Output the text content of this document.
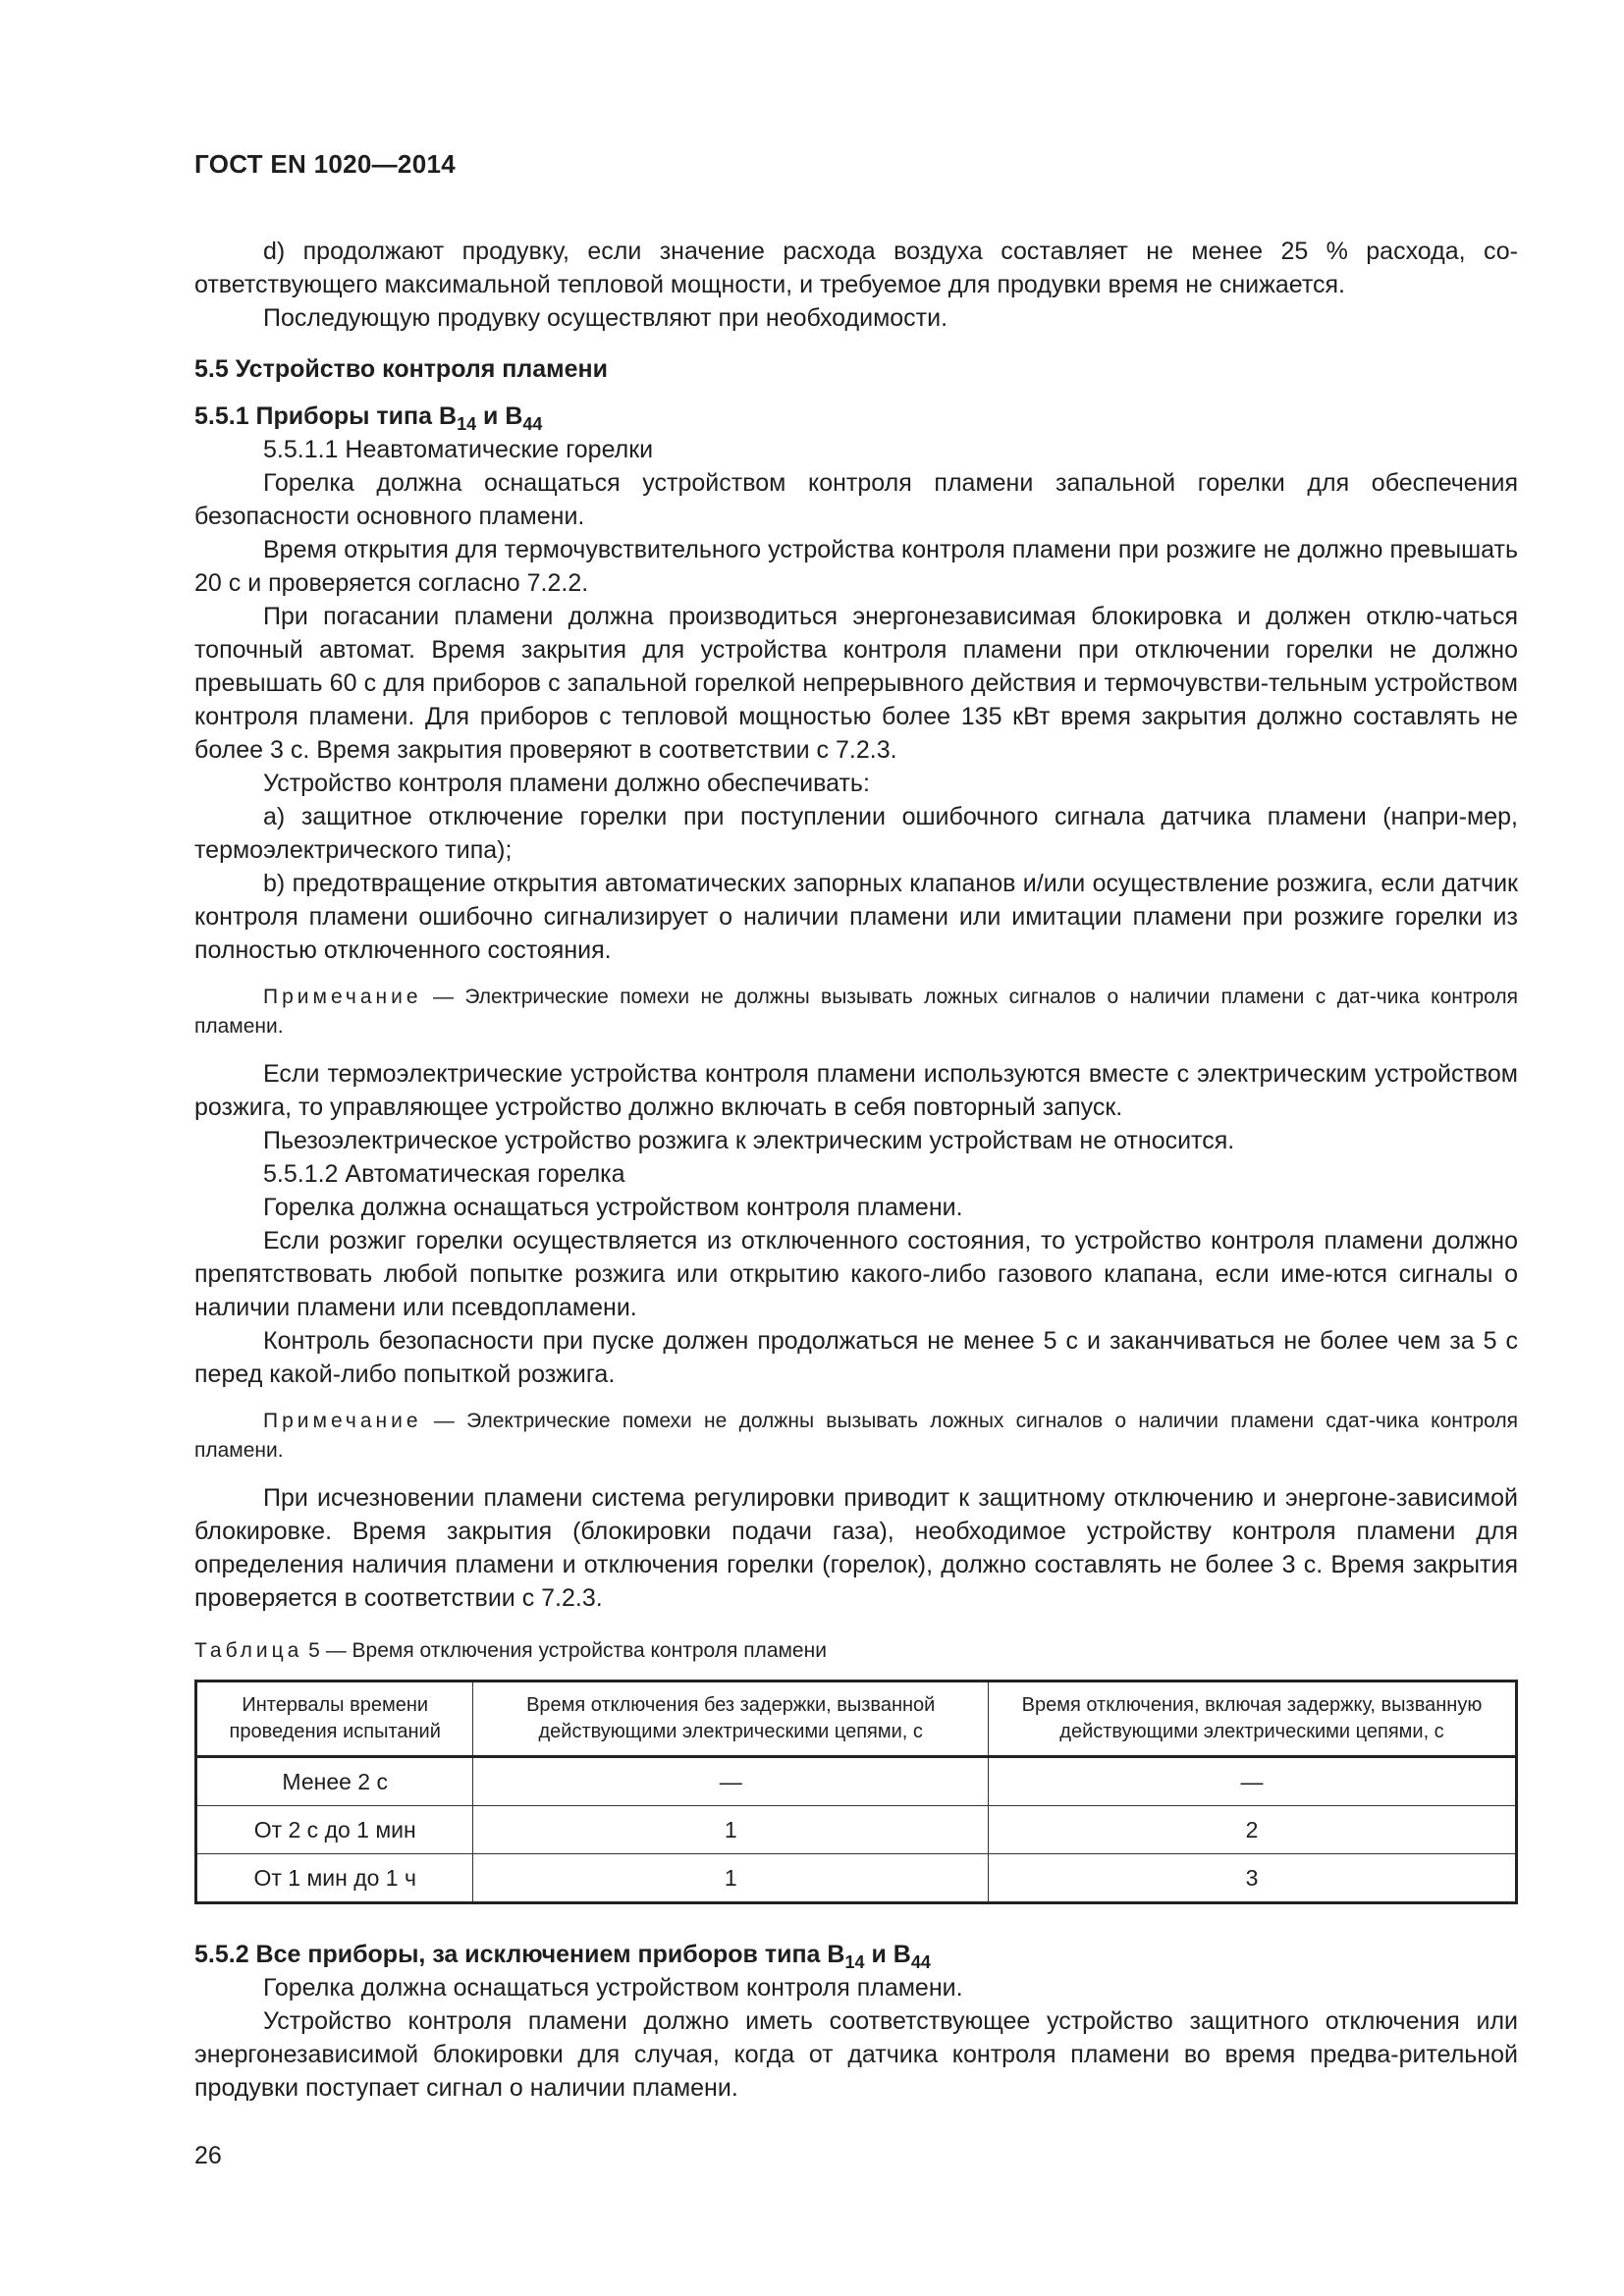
ГОСТ EN 1020—2014

d) продолжают продувку, если значение расхода воздуха составляет не менее 25 % расхода, со-ответствующего максимальной тепловой мощности, и требуемое для продувки время не снижается.

Последующую продувку осуществляют при необходимости.

5.5 Устройство контроля пламени

5.5.1 Приборы типа $B_{14}$ и $B_{44}$

5.5.1.1 Неавтоматические горелки

Горелка должна оснащаться устройством контроля пламени запальной горелки для обеспечения безопасности основного пламени.

Время открытия для термочувствительного устройства контроля пламени при розжиге не должно превышать 20 с и проверяется согласно 7.2.2.

При погасании пламени должна производиться энергонезависимая блокировка и должен отклю-чаться топочный автомат. Время закрытия для устройства контроля пламени при отключении горелки не должно превышать 60 с для приборов с запальной горелкой непрерывного действия и термочувстви-тельным устройством контроля пламени. Для приборов с тепловой мощностью более 135 кВт время закрытия должно составлять не более 3 с. Время закрытия проверяют в соответствии с 7.2.3.

Устройство контроля пламени должно обеспечивать:

а) защитное отключение горелки при поступлении ошибочного сигнала датчика пламени (напри-мер, термоэлектрического типа);

b) предотвращение открытия автоматических запорных клапанов и/или осуществление розжига, если датчик контроля пламени ошибочно сигнализирует о наличии пламени или имитации пламени при розжиге горелки из полностью отключенного состояния.

Примечание — Электрические помехи не должны вызывать ложных сигналов о наличии пламени с дат-чика контроля пламени.

Если термоэлектрические устройства контроля пламени используются вместе с электрическим устройством розжига, то управляющее устройство должно включать в себя повторный запуск.

Пьезоэлектрическое устройство розжига к электрическим устройствам не относится.

5.5.1.2 Автоматическая горелка

Горелка должна оснащаться устройством контроля пламени.

Если розжиг горелки осуществляется из отключенного состояния, то устройство контроля пламени должно препятствовать любой попытке розжига или открытию какого-либо газового клапана, если име-ются сигналы о наличии пламени или псевдопламени.

Контроль безопасности при пуске должен продолжаться не менее 5 с и заканчиваться не более чем за 5 с перед какой-либо попыткой розжига.

Примечание — Электрические помехи не должны вызывать ложных сигналов о наличии пламени сдат-чика контроля пламени.

При исчезновении пламени система регулировки приводит к защитному отключению и энергоне-зависимой блокировке. Время закрытия (блокировки подачи газа), необходимое устройству контроля пламени для определения наличия пламени и отключения горелки (горелок), должно составлять не более 3 с. Время закрытия проверяется в соответствии с 7.2.3.

Таблица 5 — Время отключения устройства контроля пламени
Интервалы времени проведения испытаний	Время отключения без задержки, вызванной действующими электрическими цепями, с	Время отключения, включая задержку, вызванную действующими электрическими цепями, с
Менее 2 с	—	—
От 2 с до 1 мин	1	2
От 1 мин до 1 ч	1	3

5.5.2 Все приборы, за исключением приборов типа $B_{14}$ и $B_{44}$

Горелка должна оснащаться устройством контроля пламени.

Устройство контроля пламени должно иметь соответствующее устройство защитного отключения или энергонезависимой блокировки для случая, когда от датчика контроля пламени во время предва-рительной продувки поступает сигнал о наличии пламени.

26
